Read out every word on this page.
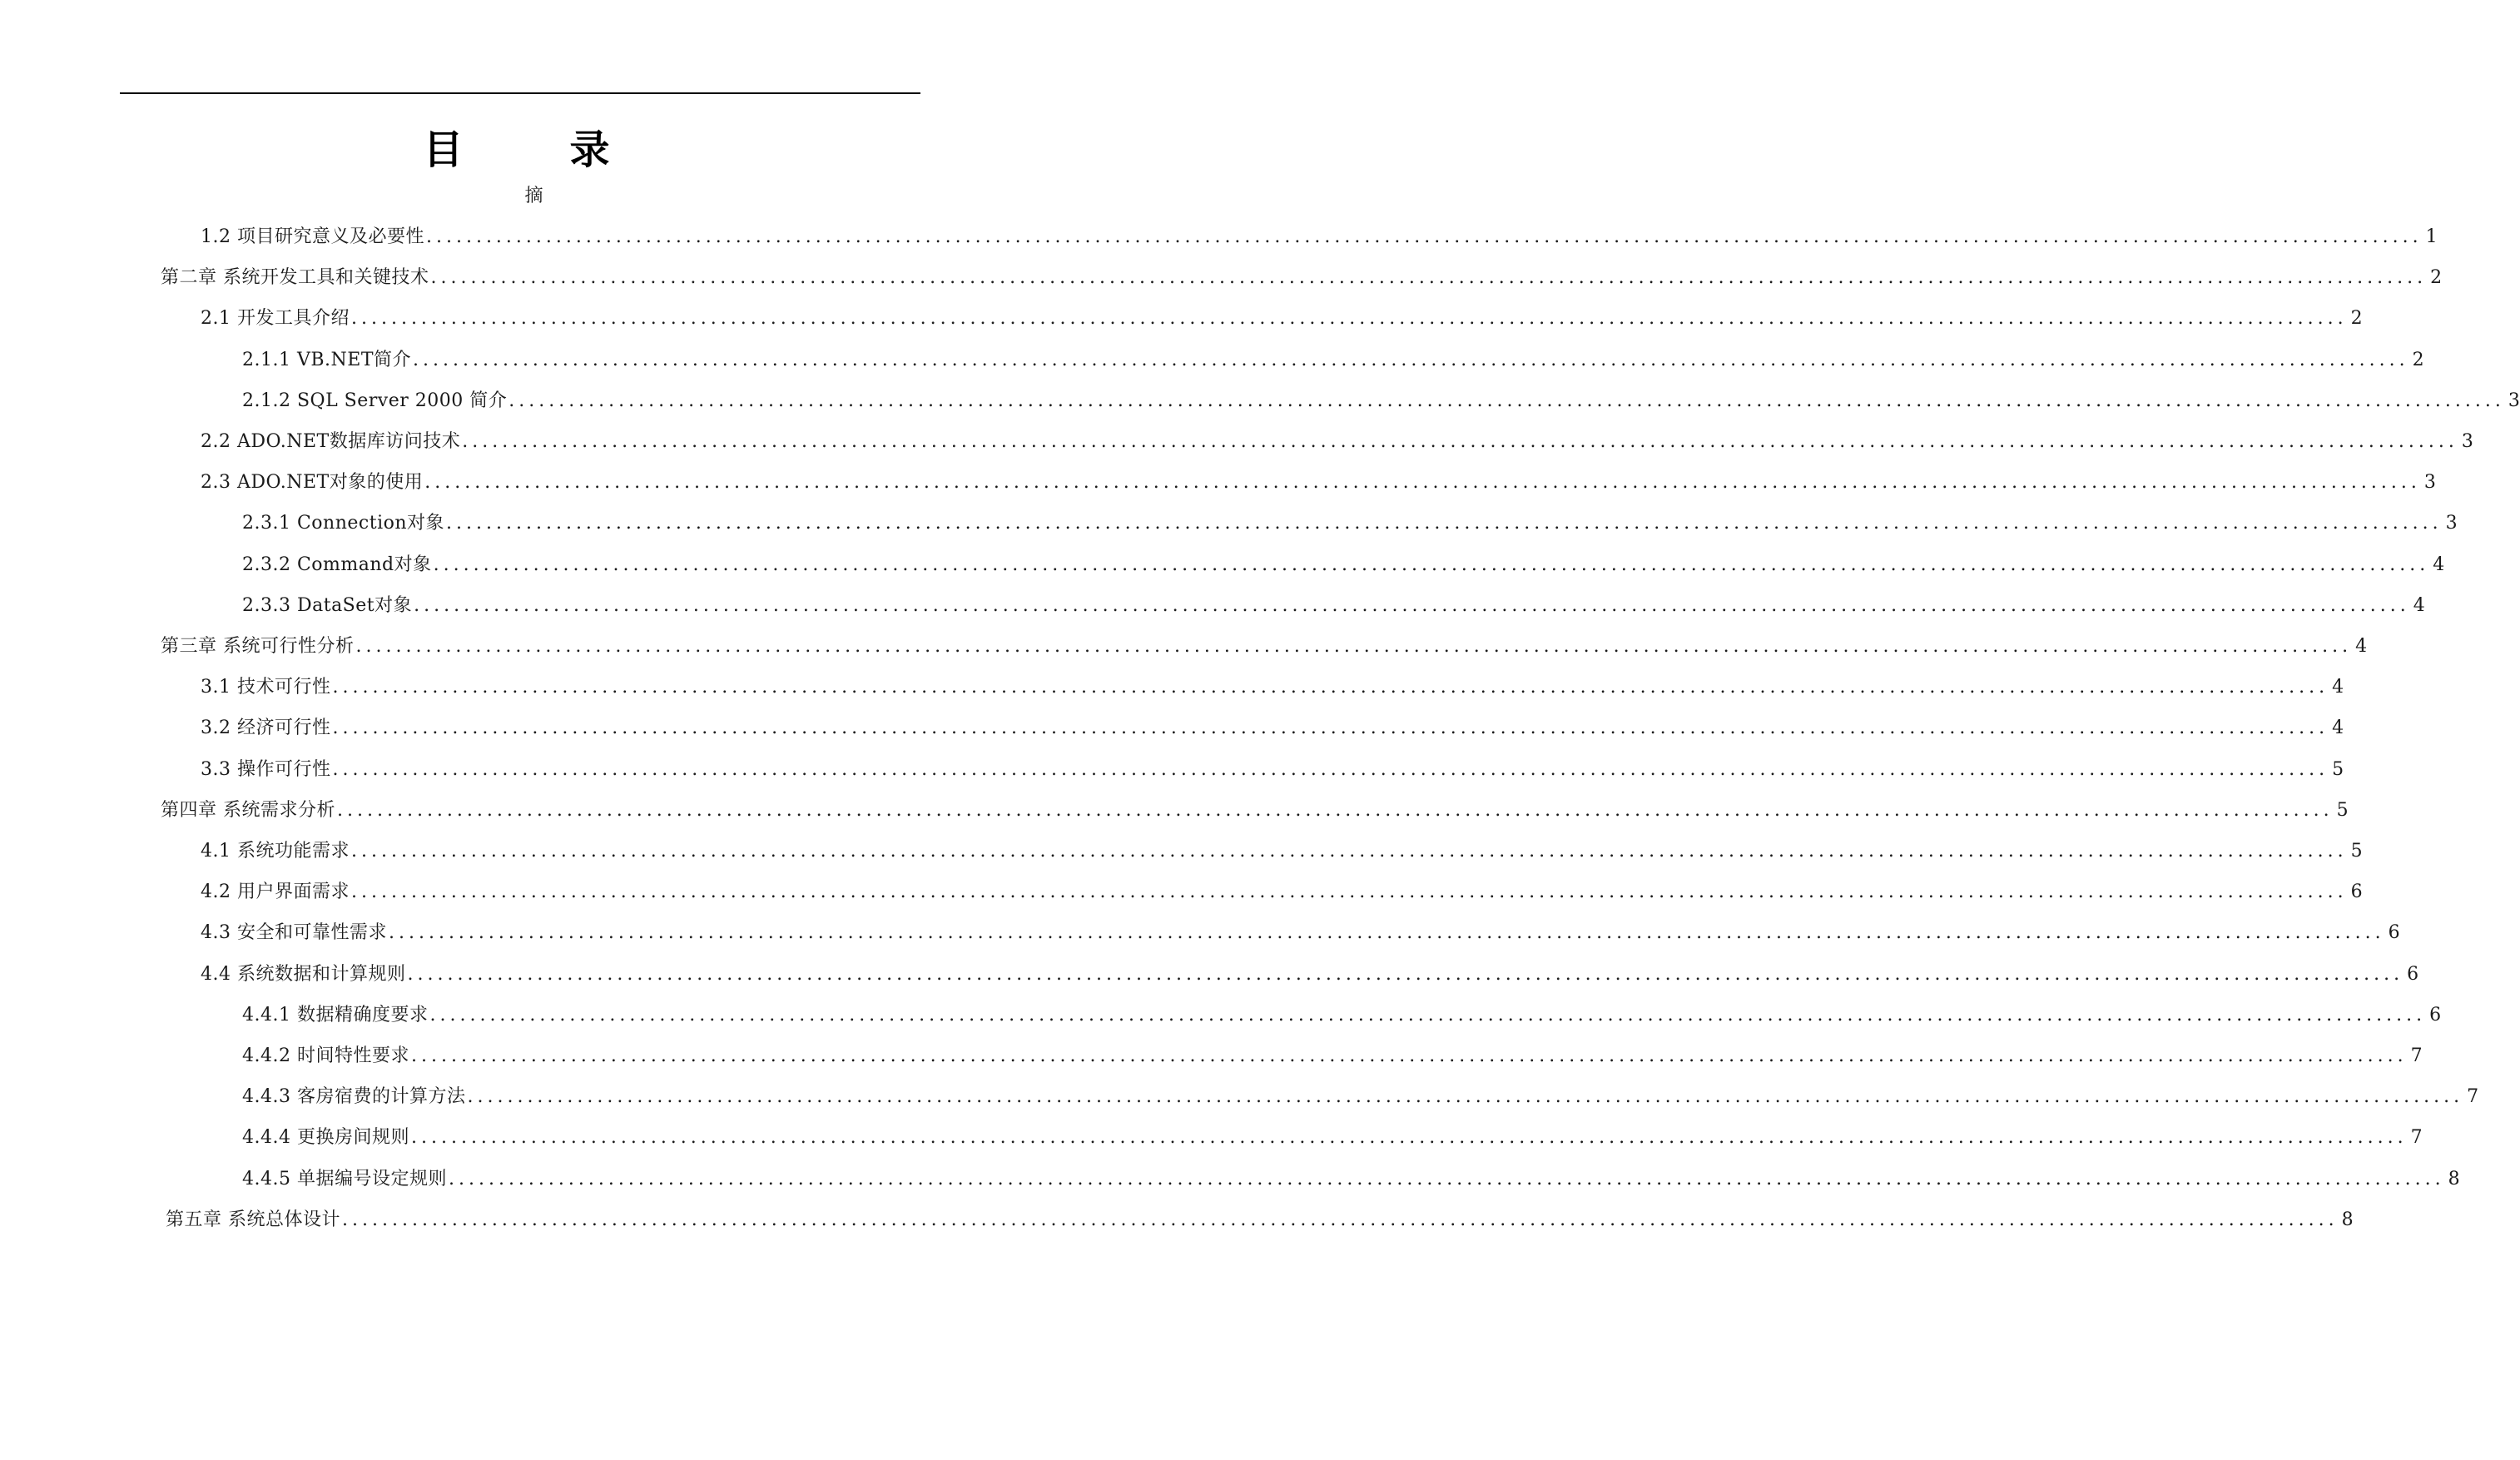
目　录
摘
1.2 项目研究意义及必要性 ........................................................................................................................................................................................................ 1
第二章 系统开发工具和关键技术 ........................................................................................................................................................................................................ 2
2.1 开发工具介绍 ........................................................................................................................................................................................................ 2
2.1.1 VB.NET简介 ........................................................................................................................................................................................................ 2
2.1.2 SQL Server 2000 简介 ........................................................................................................................................................................................................ 3
2.2 ADO.NET数据库访问技术 ........................................................................................................................................................................................................ 3
2.3 ADO.NET对象的使用 ........................................................................................................................................................................................................ 3
2.3.1 Connection对象 ........................................................................................................................................................................................................ 3
2.3.2 Command对象 ........................................................................................................................................................................................................ 4
2.3.3 DataSet对象 ........................................................................................................................................................................................................ 4
第三章 系统可行性分析 ........................................................................................................................................................................................................ 4
3.1 技术可行性 ........................................................................................................................................................................................................ 4
3.2 经济可行性 ........................................................................................................................................................................................................ 4
3.3 操作可行性 ........................................................................................................................................................................................................ 5
第四章 系统需求分析 ........................................................................................................................................................................................................ 5
4.1 系统功能需求 ........................................................................................................................................................................................................ 5
4.2 用户界面需求 ........................................................................................................................................................................................................ 6
4.3 安全和可靠性需求 ........................................................................................................................................................................................................ 6
4.4 系统数据和计算规则 ........................................................................................................................................................................................................ 6
4.4.1 数据精确度要求 ........................................................................................................................................................................................................ 6
4.4.2 时间特性要求 ........................................................................................................................................................................................................ 7
4.4.3 客房宿费的计算方法 ........................................................................................................................................................................................................ 7
4.4.4 更换房间规则 ........................................................................................................................................................................................................ 7
4.4.5 单据编号设定规则 ........................................................................................................................................................................................................ 8
第五章 系统总体设计 ........................................................................................................................................................................................................ 8
